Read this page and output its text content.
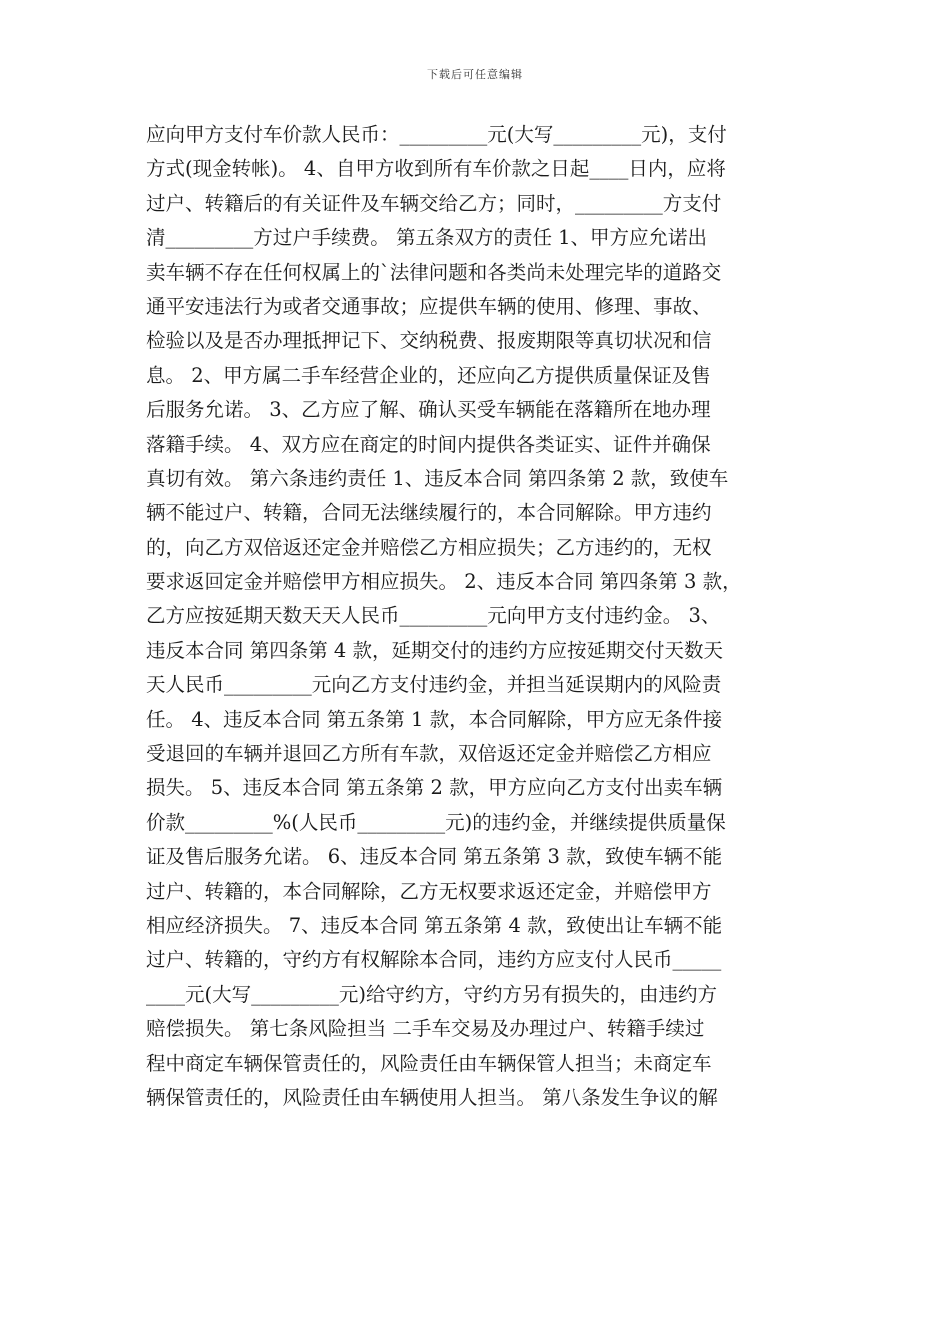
下载后可任意编辑
应向甲方支付车价款人民币：_________元(大写_________元)，支付
方式(现金转帐)。 4、自甲方收到所有车价款之日起____日内，应将
过户、转籍后的有关证件及车辆交给乙方；同时，_________方支付
清_________方过户手续费。 第五条双方的责任 1、甲方应允诺出
卖车辆不存在任何权属上的`法律问题和各类尚未处理完毕的道路交
通平安违法行为或者交通事故；应提供车辆的使用、修理、事故、
检验以及是否办理抵押记下、交纳税费、报废期限等真切状况和信
息。 2、甲方属二手车经营企业的，还应向乙方提供质量保证及售
后服务允诺。 3、乙方应了解、确认买受车辆能在落籍所在地办理
落籍手续。 4、双方应在商定的时间内提供各类证实、证件并确保
真切有效。 第六条违约责任 1、违反本合同 第四条第 2 款，致使车
辆不能过户、转籍，合同无法继续履行的，本合同解除。甲方违约
的，向乙方双倍返还定金并赔偿乙方相应损失；乙方违约的，无权
要求返回定金并赔偿甲方相应损失。 2、违反本合同 第四条第 3 款，
乙方应按延期天数天天人民币_________元向甲方支付违约金。 3、
违反本合同 第四条第 4 款，延期交付的违约方应按延期交付天数天
天人民币_________元向乙方支付违约金，并担当延误期内的风险责
任。 4、违反本合同 第五条第 1 款，本合同解除，甲方应无条件接
受退回的车辆并退回乙方所有车款，双倍返还定金并赔偿乙方相应
损失。 5、违反本合同 第五条第 2 款，甲方应向乙方支付出卖车辆
价款_________%(人民币_________元)的违约金，并继续提供质量保
证及售后服务允诺。 6、违反本合同 第五条第 3 款，致使车辆不能
过户、转籍的，本合同解除，乙方无权要求返还定金，并赔偿甲方
相应经济损失。 7、违反本合同 第五条第 4 款，致使出让车辆不能
过户、转籍的，守约方有权解除本合同，违约方应支付人民币_____
____元(大写_________元)给守约方，守约方另有损失的，由违约方
赔偿损失。 第七条风险担当 二手车交易及办理过户、转籍手续过
程中商定车辆保管责任的，风险责任由车辆保管人担当；未商定车
辆保管责任的，风险责任由车辆使用人担当。 第八条发生争议的解
